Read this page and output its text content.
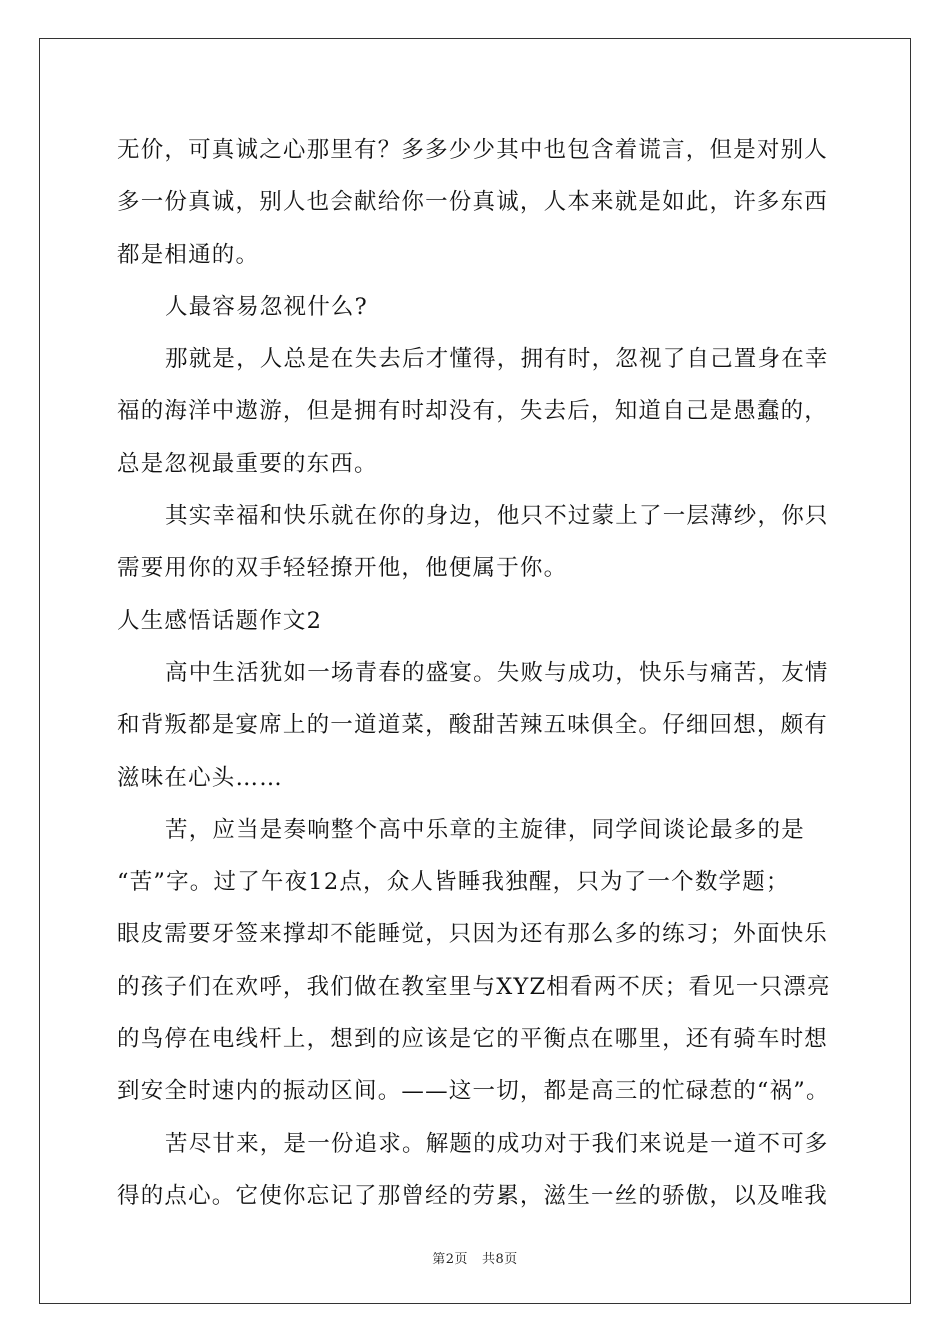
无价，可真诚之心那里有？多多少少其中也包含着谎言，但是对别人
多一份真诚，别人也会献给你一份真诚，人本来就是如此，许多东西
都是相通的。
人最容易忽视什么?
那就是，人总是在失去后才懂得，拥有时，忽视了自己置身在幸
福的海洋中遨游，但是拥有时却没有，失去后，知道自己是愚蠢的，
总是忽视最重要的东西。
其实幸福和快乐就在你的身边，他只不过蒙上了一层薄纱，你只
需要用你的双手轻轻撩开他，他便属于你。
人生感悟话题作文2
高中生活犹如一场青春的盛宴。失败与成功，快乐与痛苦，友情
和背叛都是宴席上的一道道菜，酸甜苦辣五味俱全。仔细回想，颇有
滋味在心头……
苦，应当是奏响整个高中乐章的主旋律，同学间谈论最多的是
“苦”字。过了午夜12点，众人皆睡我独醒，只为了一个数学题；
眼皮需要牙签来撑却不能睡觉，只因为还有那么多的练习；外面快乐
的孩子们在欢呼，我们做在教室里与XYZ相看两不厌；看见一只漂亮
的鸟停在电线杆上，想到的应该是它的平衡点在哪里，还有骑车时想
到安全时速内的振动区间。——这一切，都是高三的忙碌惹的“祸”。
苦尽甘来，是一份追求。解题的成功对于我们来说是一道不可多
得的点心。它使你忘记了那曾经的劳累，滋生一丝的骄傲，以及唯我
第2页 共8页
